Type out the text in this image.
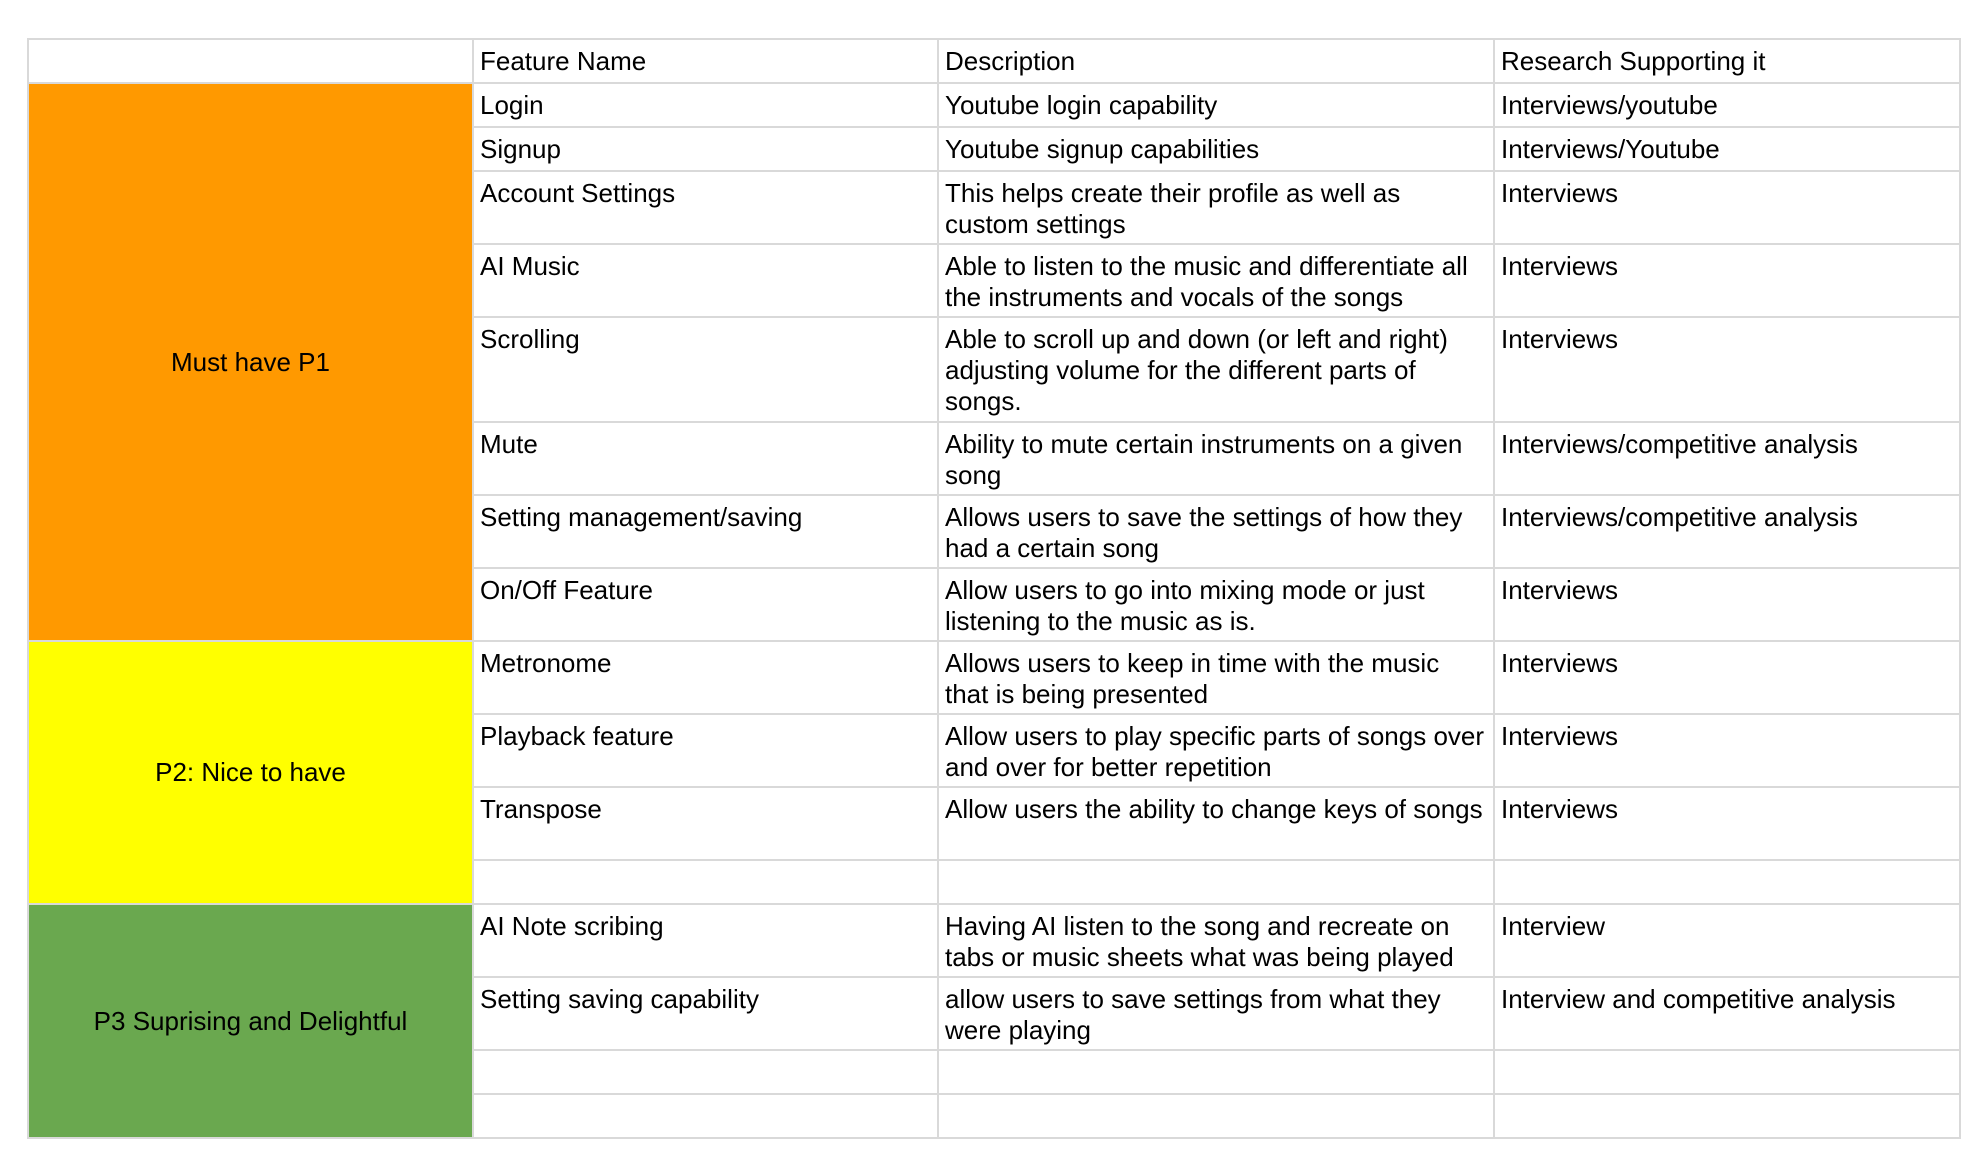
	Feature Name	Description	Research Supporting it
Must have P1	Login	Youtube login capability	Interviews/youtube
	Signup	Youtube signup capabilities	Interviews/Youtube
	Account Settings	This helps create their profile as well as custom settings	Interviews
	AI Music	Able to listen to the music and differentiate all the instruments and vocals of the songs	Interviews
	Scrolling	Able to scroll up and down (or left and right) adjusting volume for the different parts of songs.	Interviews
	Mute	Ability to mute certain instruments on a given song	Interviews/competitive analysis
	Setting management/saving	Allows users to save the settings of how they had a certain song	Interviews/competitive analysis
	On/Off Feature	Allow users to go into mixing mode or just listening to the music as is.	Interviews
P2: Nice to have	Metronome	Allows users to keep in time with the music that is being presented	Interviews
	Playback feature	Allow users to play specific parts of songs over and over for better repetition	Interviews
	Transpose	Allow users the ability to change keys of songs	Interviews

P3 Suprising and Delightful	AI Note scribing	Having AI listen to the song and recreate on tabs or music sheets what was being played	Interview
	Setting saving capability	allow users to save settings from what they were playing	Interview and competitive analysis
